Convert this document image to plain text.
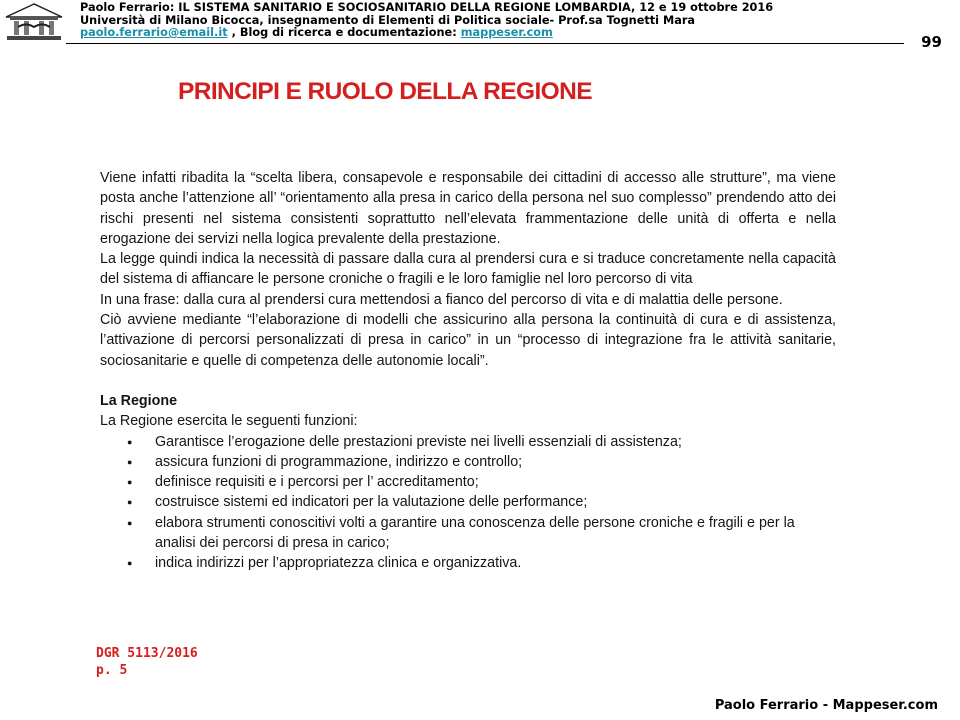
Paolo Ferrario: IL SISTEMA SANITARIO E SOCIOSANITARIO DELLA REGIONE LOMBARDIA, 12 e 19 ottobre 2016
Università di Milano Bicocca, insegnamento di Elementi di Politica sociale- Prof.sa Tognetti Mara
paolo.ferrario@email.it , Blog di ricerca e documentazione: mappeser.com
99
PRINCIPI E RUOLO DELLA REGIONE

Viene infatti ribadita la “scelta libera, consapevole e responsabile dei cittadini di accesso alle strutture”, ma viene posta anche l’attenzione all’ “orientamento alla presa in carico della persona nel suo complesso” prendendo atto dei rischi presenti nel sistema consistenti soprattutto nell’elevata frammentazione delle unità di offerta e nella erogazione dei servizi nella logica prevalente della prestazione.

La legge quindi indica la necessità di passare dalla cura al prendersi cura e si traduce concretamente nella capacità del sistema di affiancare le persone croniche o fragili e le loro famiglie nel loro percorso di vita

In una frase: dalla cura al prendersi cura mettendosi a fianco del percorso di vita e di malattia delle persone.

Ciò avviene mediante “l’elaborazione di modelli che assicurino alla persona la continuità di cura e di assistenza, l’attivazione di percorsi personalizzati di presa in carico” in un “processo di integrazione fra le attività sanitarie, sociosanitarie e quelle di competenza delle autonomie locali”.

La Regione

La Regione esercita le seguenti funzioni:

● Garantisce l’erogazione delle prestazioni previste nei livelli essenziali di assistenza;
● assicura funzioni di programmazione, indirizzo e controllo;
● definisce requisiti e i percorsi per l’ accreditamento;
● costruisce sistemi ed indicatori per la valutazione delle performance;
● elabora strumenti conoscitivi volti a garantire una conoscenza delle persone croniche e fragili e per la analisi dei percorsi di presa in carico;
● indica indirizzi per l’appropriatezza clinica e organizzativa.
DGR 5113/2016
p. 5
Paolo Ferrario - Mappeser.com
